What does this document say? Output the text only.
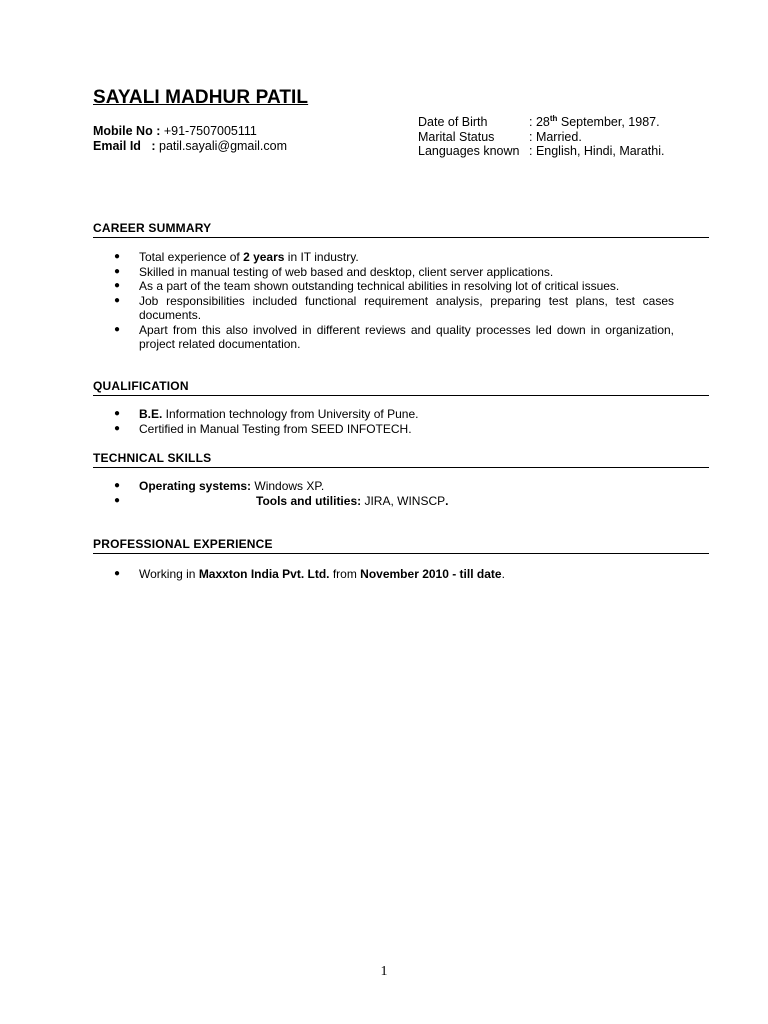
SAYALI MADHUR PATIL
Mobile No : +91-7507005111
Email Id : patil.sayali@gmail.com
Date of Birth	: 28th September, 1987.
Marital Status	: Married.
Languages known : English, Hindi, Marathi.
CAREER SUMMARY
● Total experience of 2 years in IT industry.
● Skilled in manual testing of web based and desktop, client server applications.
● As a part of the team shown outstanding technical abilities in resolving lot of critical issues.
● Job responsibilities included functional requirement analysis, preparing test plans, test cases documents.
● Apart from this also involved in different reviews and quality processes led down in organization, project related documentation.
QUALIFICATION
● B.E. Information technology from University of Pune.
● Certified in Manual Testing from SEED INFOTECH.
TECHNICAL SKILLS
● Operating systems: Windows XP.
●	Tools and utilities: JIRA, WINSCP.
PROFESSIONAL EXPERIENCE
● Working in Maxxton India Pvt. Ltd. from November 2010 - till date.
1
